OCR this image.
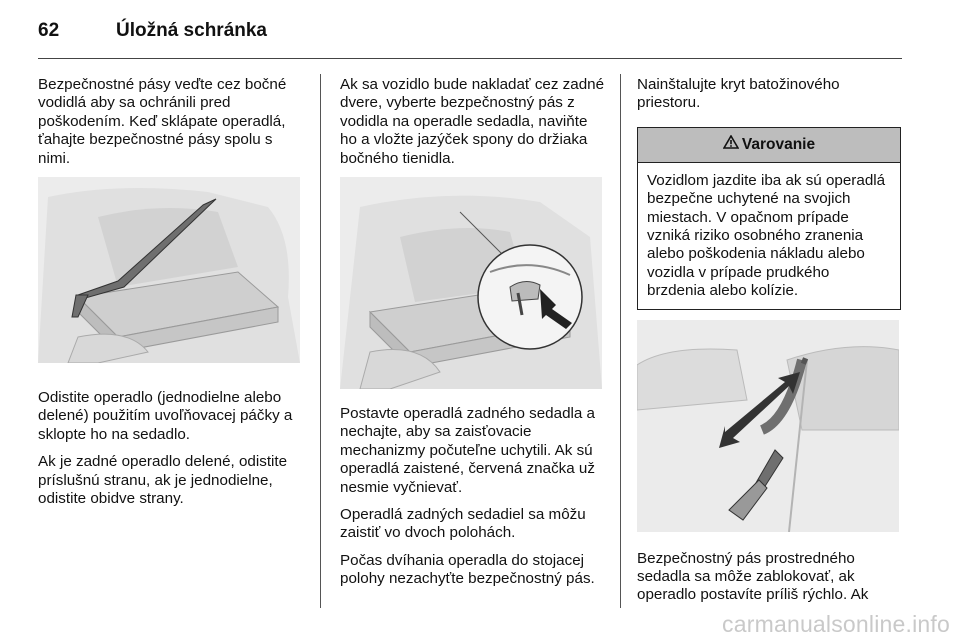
62	Úložná schránka

Bezpečnostné pásy veďte cez bočné vodidlá aby sa ochránili pred poškodením. Keď sklápate operadlá, ťahajte bezpečnostné pásy spolu s nimi.

Odistite operadlo (jednodielne alebo delené) použitím uvoľňovacej páčky a sklopte ho na sedadlo.

Ak je zadné operadlo delené, odistite príslušnú stranu, ak je jednodielne, odistite obidve strany.

Ak sa vozidlo bude nakladať cez zadné dvere, vyberte bezpečnostný pás z vodidla na operadle sedadla, naviňte ho a vložte jazýček spony do držiaka bočného tienidla.

Postavte operadlá zadného sedadla a nechajte, aby sa zaisťovacie mechanizmy počuteľne uchytili. Ak sú operadlá zaistené, červená značka už nesmie vyčnievať.

Operadlá zadných sedadiel sa môžu zaistiť vo dvoch polohách.

Počas dvíhania operadla do stojacej polohy nezachyťte bezpečnostný pás.

Nainštalujte kryt batožinového priestoru.

Varovanie
Vozidlom jazdite iba ak sú operadlá bezpečne uchytené na svojich miestach. V opačnom prípade vzniká riziko osobného zranenia alebo poškodenia nákladu alebo vozidla v prípade prudkého brzdenia alebo kolízie.

Bezpečnostný pás prostredného sedadla sa môže zablokovať, ak operadlo postavíte príliš rýchlo. Ak

carmanualsonline.info
